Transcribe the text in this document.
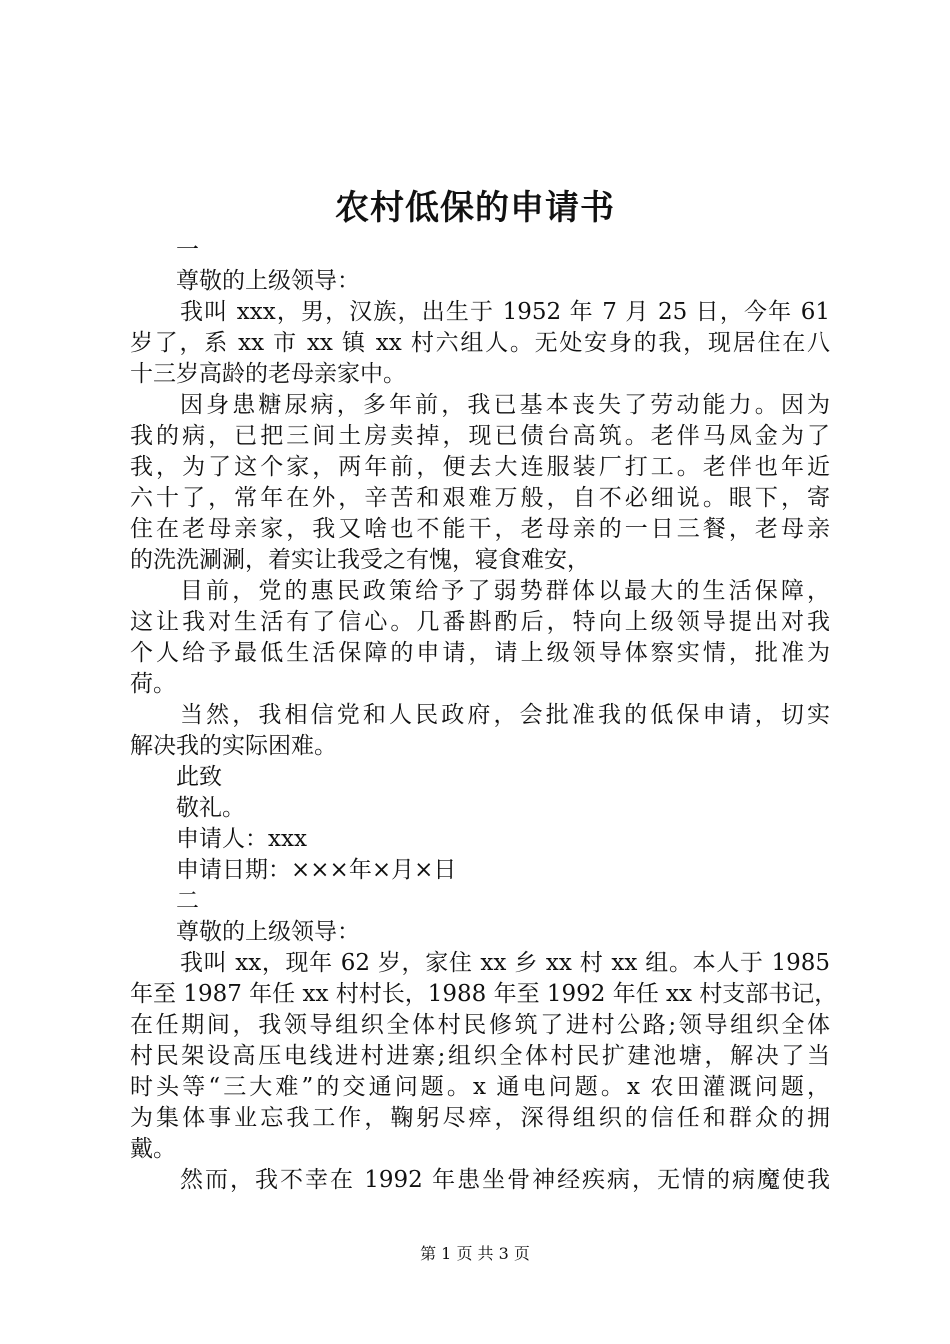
农村低保的申请书
一
尊敬的上级领导：
我叫 xxx，男，汉族，出生于 1952 年 7 月 25 日，今年 61
岁了，系 xx 市 xx 镇 xx 村六组人。无处安身的我，现居住在八
十三岁高龄的老母亲家中。
因身患糖尿病，多年前，我已基本丧失了劳动能力。因为
我的病，已把三间土房卖掉，现已债台高筑。老伴马凤金为了
我，为了这个家，两年前，便去大连服装厂打工。老伴也年近
六十了，常年在外，辛苦和艰难万般，自不必细说。眼下，寄
住在老母亲家，我又啥也不能干，老母亲的一日三餐，老母亲
的洗洗涮涮，着实让我受之有愧，寝食难安，
目前，党的惠民政策给予了弱势群体以最大的生活保障，
这让我对生活有了信心。几番斟酌后，特向上级领导提出对我
个人给予最低生活保障的申请，请上级领导体察实情，批准为
荷。
当然，我相信党和人民政府，会批准我的低保申请，切实
解决我的实际困难。
此致
敬礼。
申请人：xxx
申请日期：×××年×月×日
二
尊敬的上级领导：
我叫 xx，现年 62 岁，家住 xx 乡 xx 村 xx 组。本人于 1985
年至 1987 年任 xx 村村长，1988 年至 1992 年任 xx 村支部书记，
在任期间，我领导组织全体村民修筑了进村公路;领导组织全体
村民架设高压电线进村进寨;组织全体村民扩建池塘，解决了当
时头等“三大难”的交通问题。x 通电问题。x 农田灌溉问题，
为集体事业忘我工作，鞠躬尽瘁，深得组织的信任和群众的拥
戴。
然而，我不幸在 1992 年患坐骨神经疾病，无情的病魔使我
第 1 页 共 3 页
